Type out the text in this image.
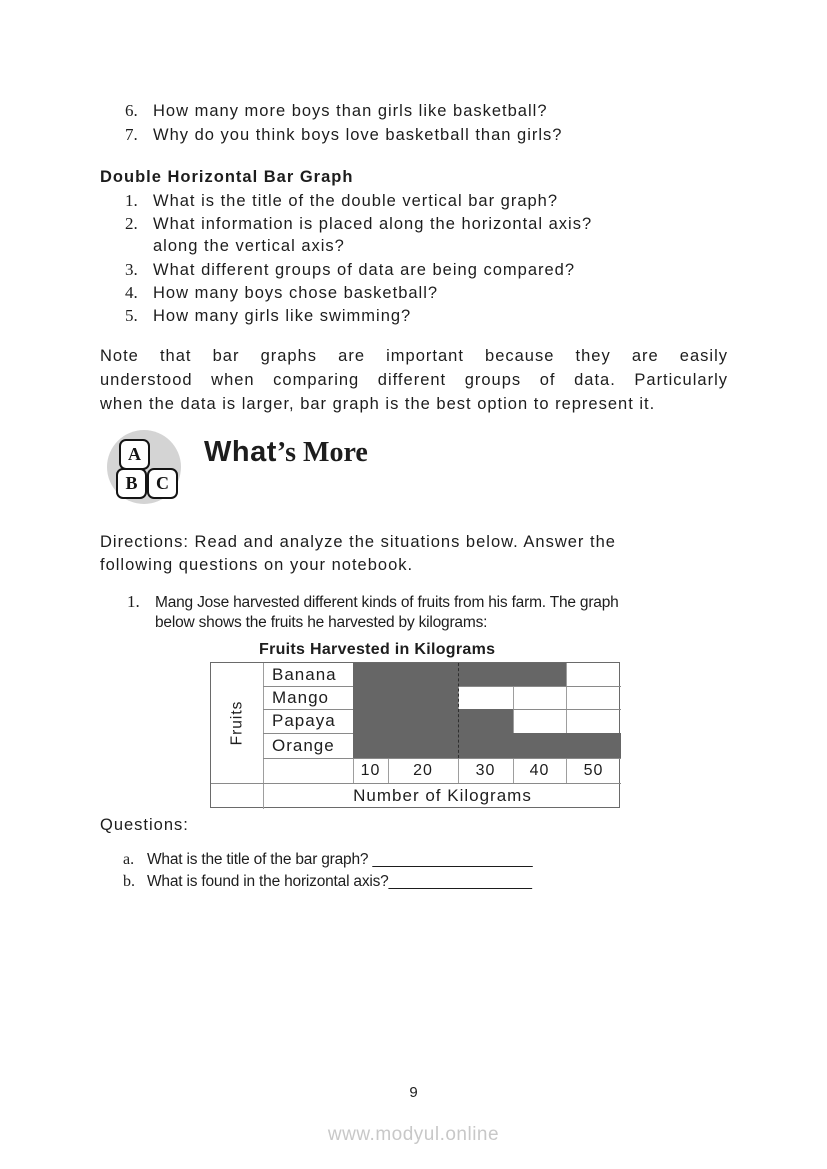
6. How many more boys than girls like basketball?
7. Why do you think boys love basketball than girls?
Double Horizontal Bar Graph
1. What is the title of the double vertical bar graph?
2. What information is placed along the horizontal axis?
along the vertical axis?
3. What different groups of data are being compared?
4. How many boys chose basketball?
5. How many girls like swimming?
Note that bar graphs are important because they are easily
understood when comparing different groups of data. Particularly
when the data is larger, bar graph is the best option to represent it.
A
B	C
What’s More
Directions: Read and analyze the situations below. Answer the
following questions on your notebook.
1. Mang Jose harvested different kinds of fruits from his farm. The graph
below shows the fruits he harvested by kilograms:
Fruits Harvested in Kilograms
Fruits
Number of Kilograms
Banana
Mango
Papaya
Orange
10	20	30	40	50
Questions:
a. What is the title of the bar graph? ___________________
b. What is found in the horizontal axis?_________________
9
www.modyul.online
